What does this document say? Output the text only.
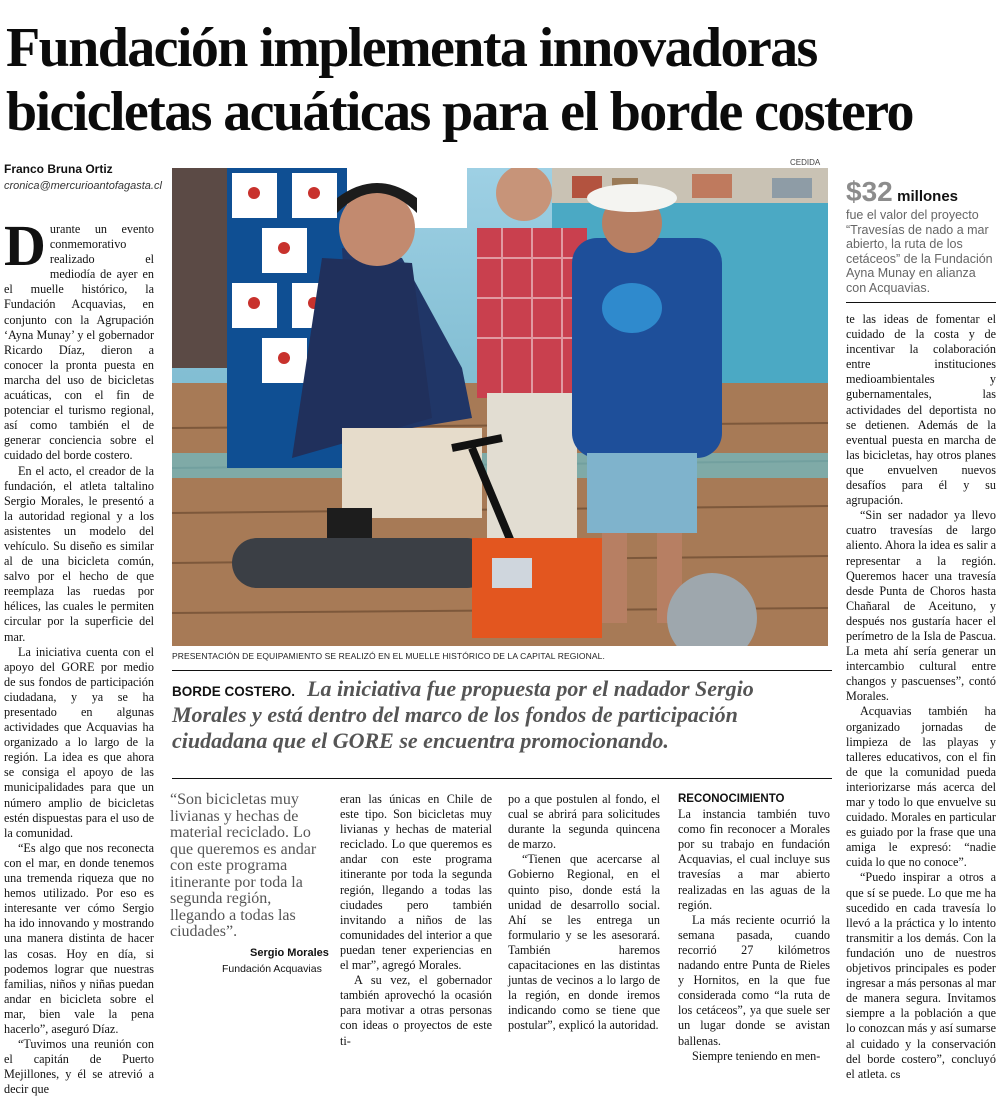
Fundación implementa innovadoras
bicicletas acuáticas para el borde costero
Franco Bruna Ortiz
cronica@mercurioantofagasta.cl

Durante un evento conmemorativo realizado el mediodía de ayer en el muelle histórico, la Fundación Acquavias, en conjunto con la Agrupación ‘Ayna Munay’ y el gobernador Ricardo Díaz, dieron a conocer la pronta puesta en marcha del uso de bicicletas acuáticas, con el fin de potenciar el turismo regional, así como también el de generar conciencia sobre el cuidado del borde costero.

En el acto, el creador de la fundación, el atleta taltalino Sergio Morales, le presentó a la autoridad regional y a los asistentes un modelo del vehículo. Su diseño es similar al de una bicicleta común, salvo por el hecho de que reemplaza las ruedas por hélices, las cuales le permiten circular por la superficie del mar.

La iniciativa cuenta con el apoyo del GORE por medio de sus fondos de participación ciudadana, y ya se ha presentado en algunas actividades que Acquavias ha organizado a lo largo de la región. La idea es que ahora se consiga el apoyo de las municipalidades para que un número amplio de bicicletas estén dispuestas para el uso de la comunidad.

“Es algo que nos reconecta con el mar, en donde tenemos una tremenda riqueza que no hemos utilizado. Por eso es interesante ver cómo Sergio ha ido innovando y mostrando una manera distinta de hacer las cosas. Hoy en día, si podemos lograr que nuestras familias, niños y niñas puedan andar en bicicleta sobre el mar, bien vale la pena hacerlo”, aseguró Díaz.

“Tuvimos una reunión con el capitán de Puerto Mejillones, y él se atrevió a decir que

CEDIDA
PRESENTACIÓN DE EQUIPAMIENTO SE REALIZÓ EN EL MUELLE HISTÓRICO DE LA CAPITAL REGIONAL.
$32 millones
fue el valor del proyecto “Travesías de nado a mar abierto, la ruta de los cetáceos” de la Fundación Ayna Munay en alianza con Acquavias.

te las ideas de fomentar el cuidado de la costa y de incentivar la colaboración entre instituciones medioambientales y gubernamentales, las actividades del deportista no se detienen. Además de la eventual puesta en marcha de las bicicletas, hay otros planes que envuelven nuevos desafíos para él y su agrupación.

“Sin ser nadador ya llevo cuatro travesías de largo aliento. Ahora la idea es salir a representar a la región. Queremos hacer una travesía desde Punta de Choros hasta Chañaral de Aceituno, y después nos gustaría hacer el perímetro de la Isla de Pascua. La meta ahí sería generar un intercambio cultural entre changos y pascuenses”, contó Morales.

Acquavias también ha organizado jornadas de limpieza de las playas y talleres educativos, con el fin de que la comunidad pueda interiorizarse más acerca del mar y todo lo que envuelve su cuidado. Morales en particular es guiado por la frase que una amiga le expresó: “nadie cuida lo que no conoce”.

“Puedo inspirar a otros a que sí se puede. Lo que me ha sucedido en cada travesía lo llevó a la práctica y lo intento transmitir a los demás. Con la fundación uno de nuestros objetivos principales es poder ingresar a más personas al mar de manera segura. Invitamos siempre a la población a que lo conozcan más y así sumarse al cuidado y la conservación del borde costero”, concluyó el atleta. cs

BORDE COSTERO. La iniciativa fue propuesta por el nadador Sergio Morales y está dentro del marco de los fondos de participación ciudadana que el GORE se encuentra promocionando.

“Son bicicletas muy livianas y hechas de material reciclado. Lo que queremos es andar con este programa itinerante por toda la segunda región, llegando a todas las ciudades”.
Sergio Morales
Fundación Acquavias

eran las únicas en Chile de este tipo. Son bicicletas muy livianas y hechas de material reciclado. Lo que queremos es andar con este programa itinerante por toda la segunda región, llegando a todas las ciudades pero también invitando a niños de las comunidades del interior a que puedan tener experiencias en el mar”, agregó Morales.

A su vez, el gobernador también aprovechó la ocasión para motivar a otras personas con ideas o proyectos de este ti-

po a que postulen al fondo, el cual se abrirá para solicitudes durante la segunda quincena de marzo.

“Tienen que acercarse al Gobierno Regional, en el quinto piso, donde está la unidad de desarrollo social. Ahí se les entrega un formulario y se les asesorará. También haremos capacitaciones en las distintas juntas de vecinos a lo largo de la región, en donde iremos indicando como se tiene que postular”, explicó la autoridad.

RECONOCIMIENTO

La instancia también tuvo como fin reconocer a Morales por su trabajo en fundación Acquavias, el cual incluye sus travesías a mar abierto realizadas en las aguas de la región.

La más reciente ocurrió la semana pasada, cuando recorrió 27 kilómetros nadando entre Punta de Rieles y Hornitos, en la que fue considerada como “la ruta de los cetáceos”, ya que suele ser un lugar donde se avistan ballenas.

Siempre teniendo en men-
